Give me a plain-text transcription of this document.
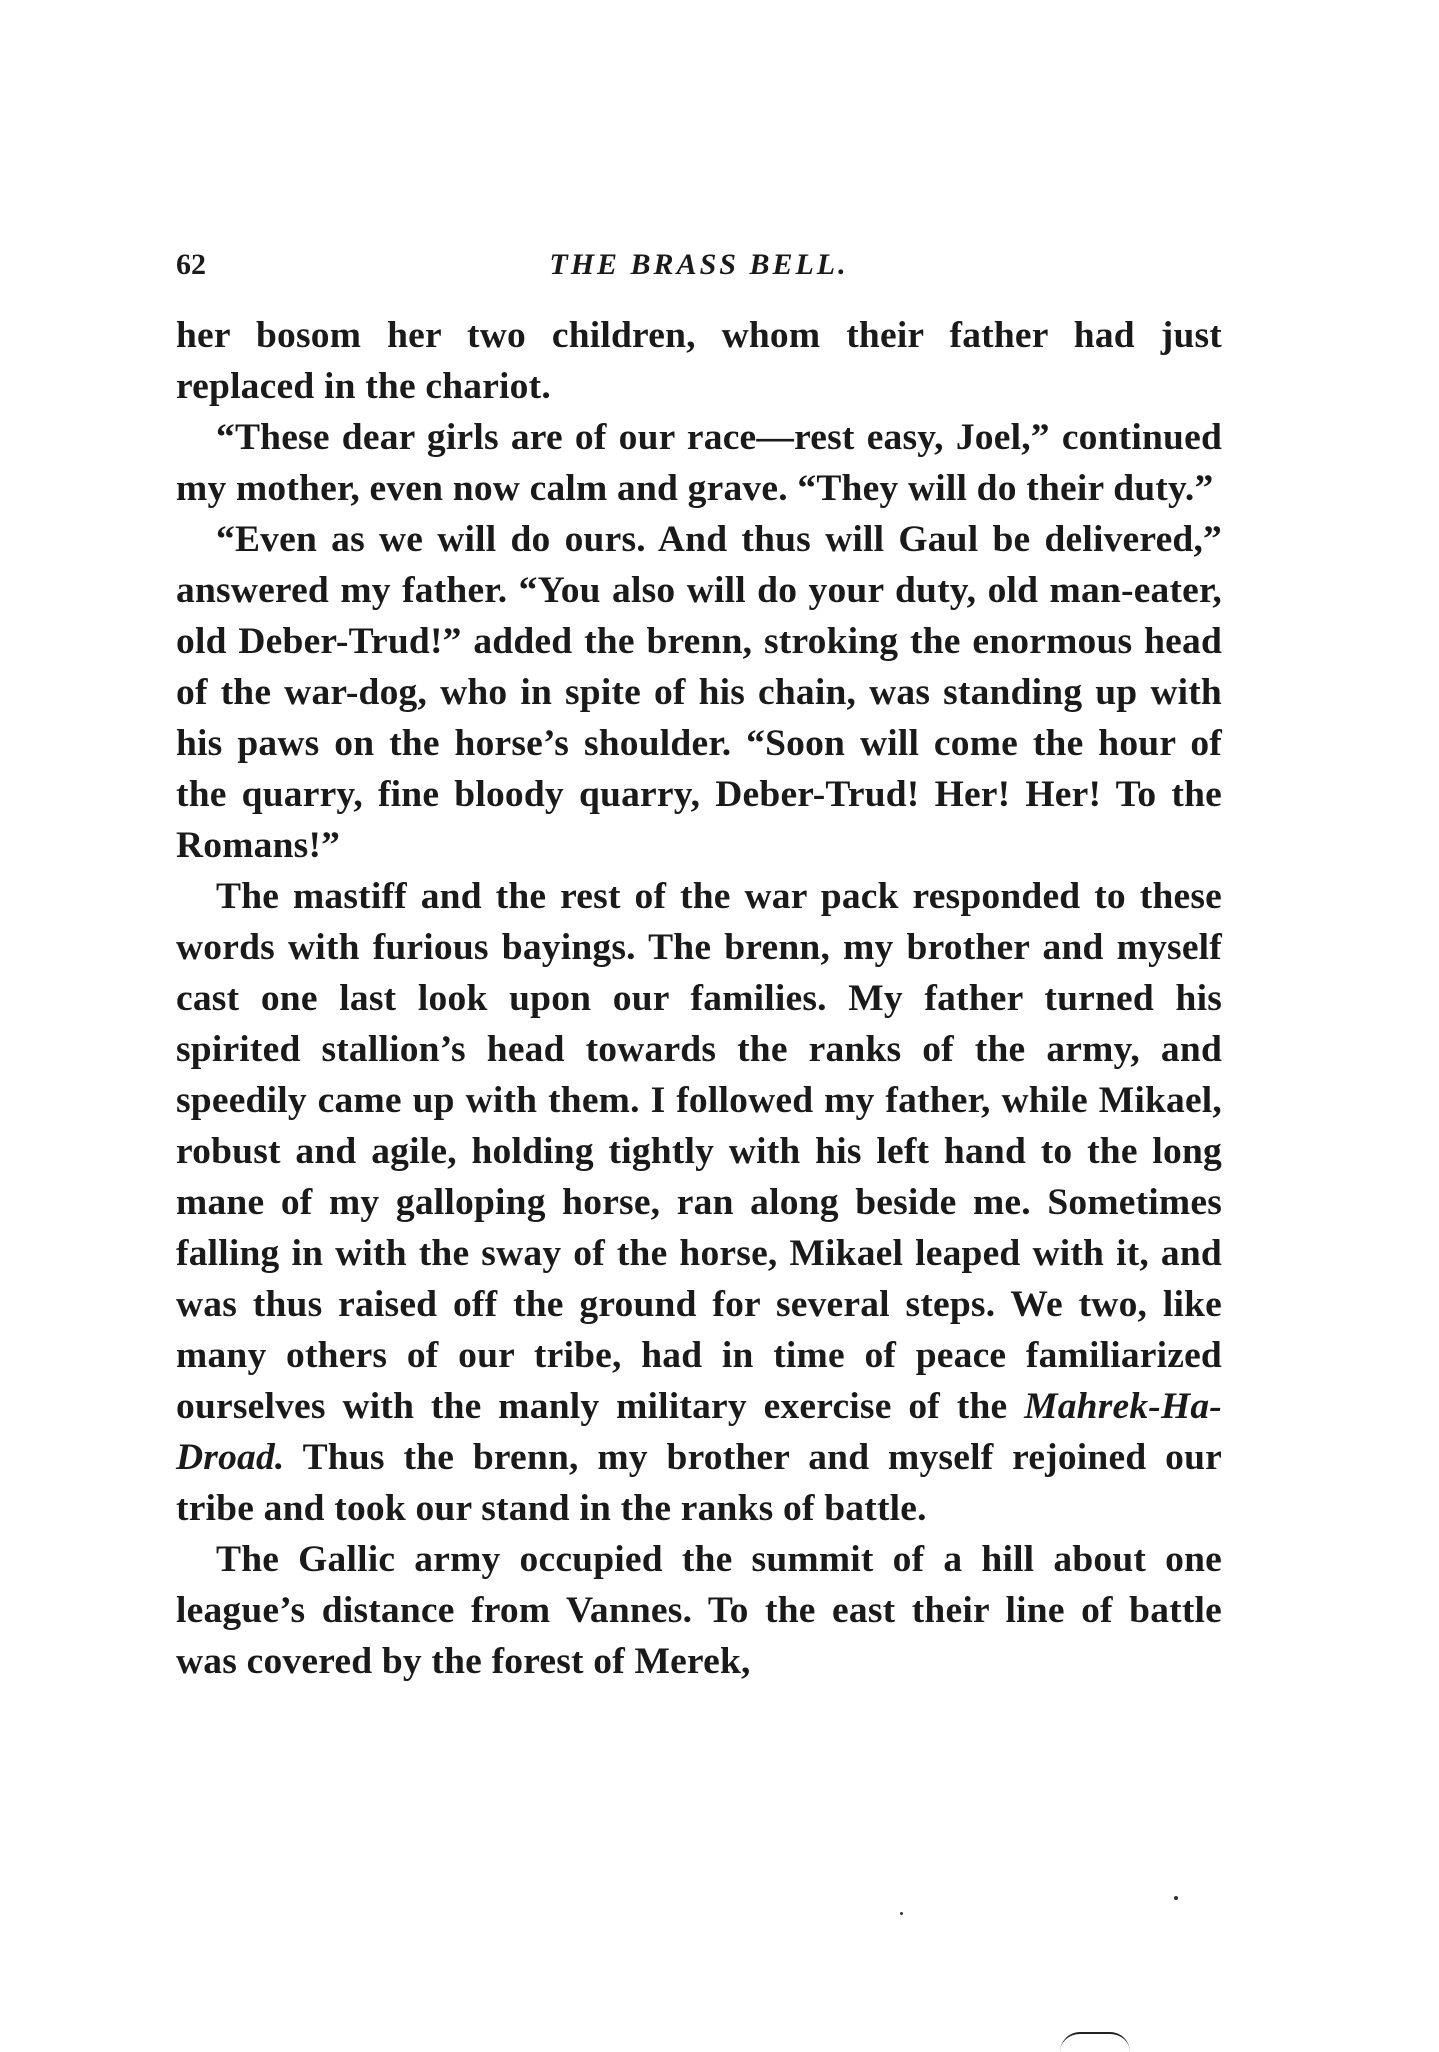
62	THE BRASS BELL.

her bosom her two children, whom their father had just replaced in the chariot.

“These dear girls are of our race—rest easy, Joel,” continued my mother, even now calm and grave. “They will do their duty.”

“Even as we will do ours. And thus will Gaul be delivered,” answered my father. “You also will do your duty, old man-eater, old Deber-Trud!” added the brenn, stroking the enormous head of the war-dog, who in spite of his chain, was standing up with his paws on the horse’s shoulder. “Soon will come the hour of the quarry, fine bloody quarry, Deber-Trud! Her! Her! To the Romans!”

The mastiff and the rest of the war pack responded to these words with furious bayings. The brenn, my brother and myself cast one last look upon our families. My father turned his spirited stallion’s head towards the ranks of the army, and speedily came up with them. I followed my father, while Mikael, robust and agile, holding tightly with his left hand to the long mane of my galloping horse, ran along beside me. Sometimes falling in with the sway of the horse, Mikael leaped with it, and was thus raised off the ground for several steps. We two, like many others of our tribe, had in time of peace familiarized ourselves with the manly military exercise of the Mahrek-Ha-Droad. Thus the brenn, my brother and myself rejoined our tribe and took our stand in the ranks of battle.

The Gallic army occupied the summit of a hill about one league’s distance from Vannes. To the east their line of battle was covered by the forest of Merek,
